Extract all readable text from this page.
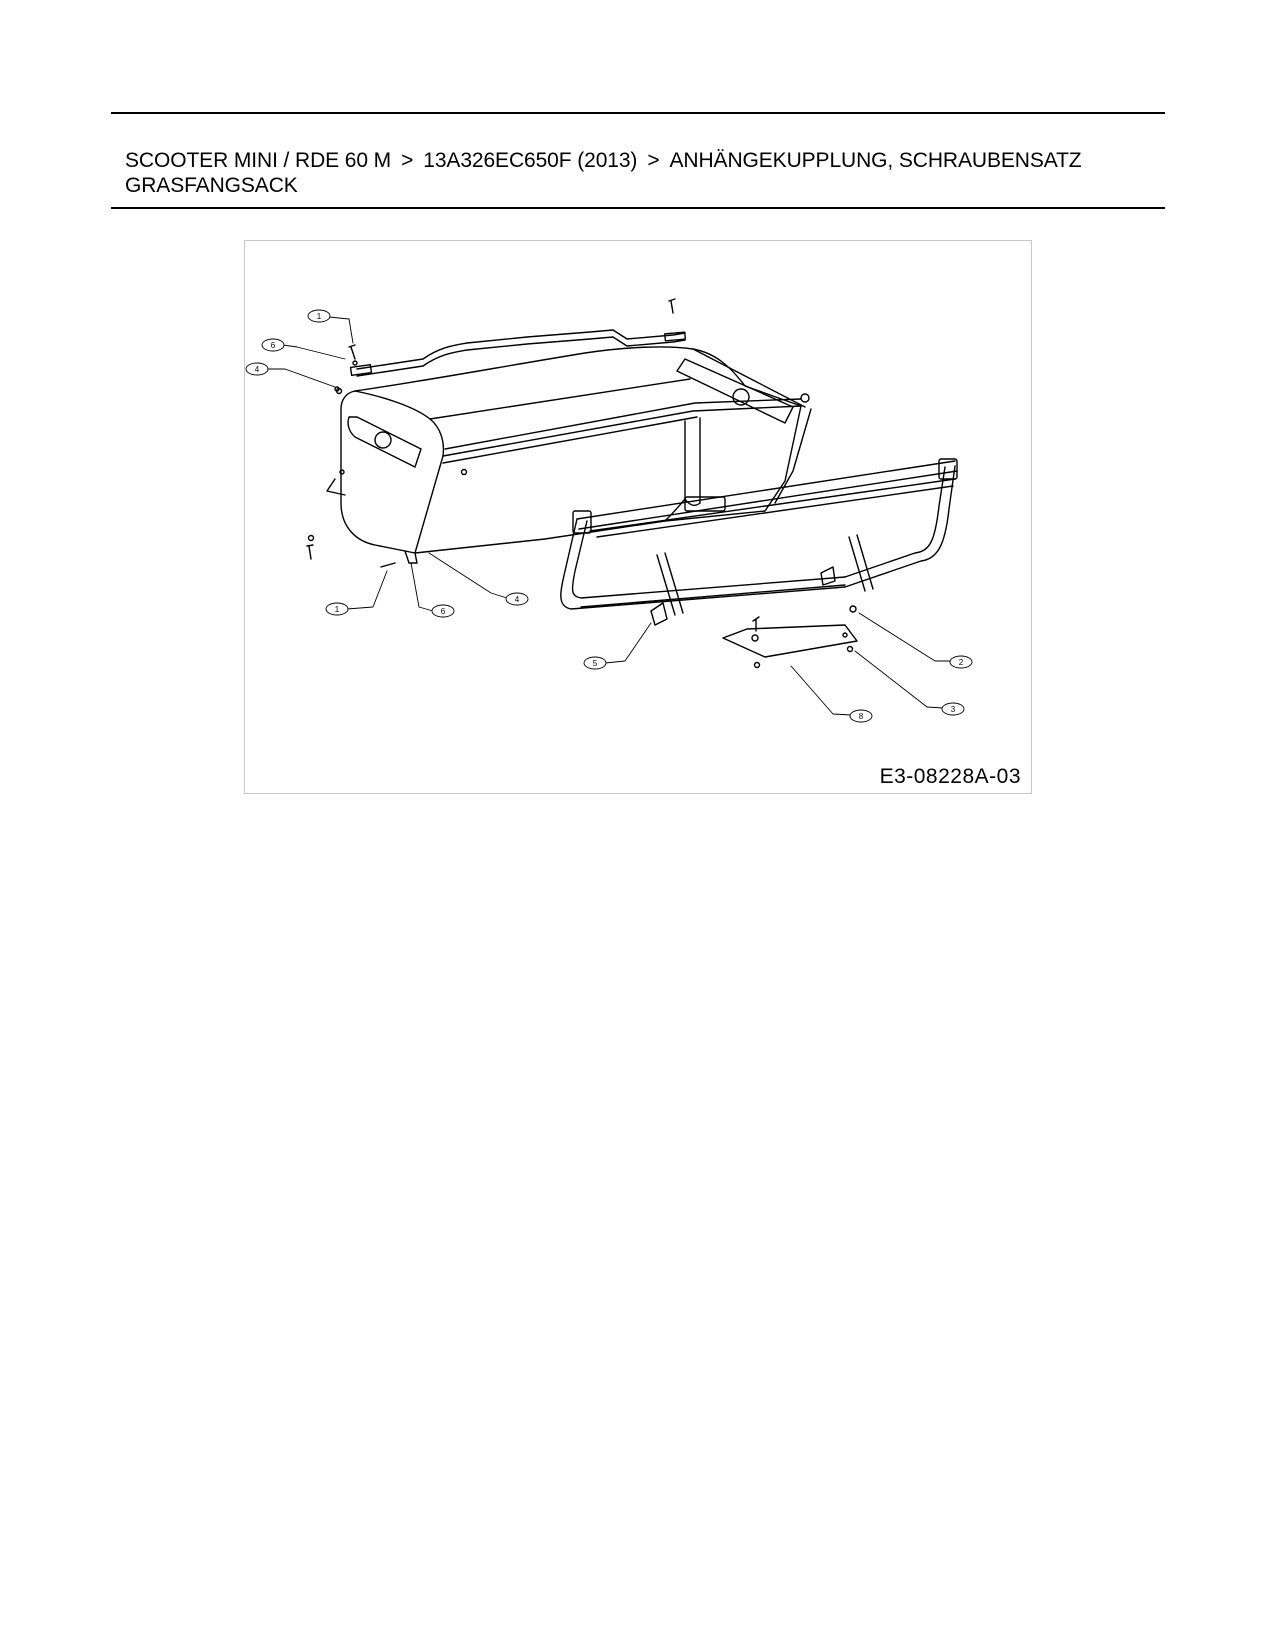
SCOOTER MINI / RDE 60 M > 13A326EC650F (2013) > ANHÄNGEKUPPLUNG, SCHRAUBENSATZ
GRASFANGSACK
1
6
4
1	6
4
5	2
3
8
E3-08228A-03
